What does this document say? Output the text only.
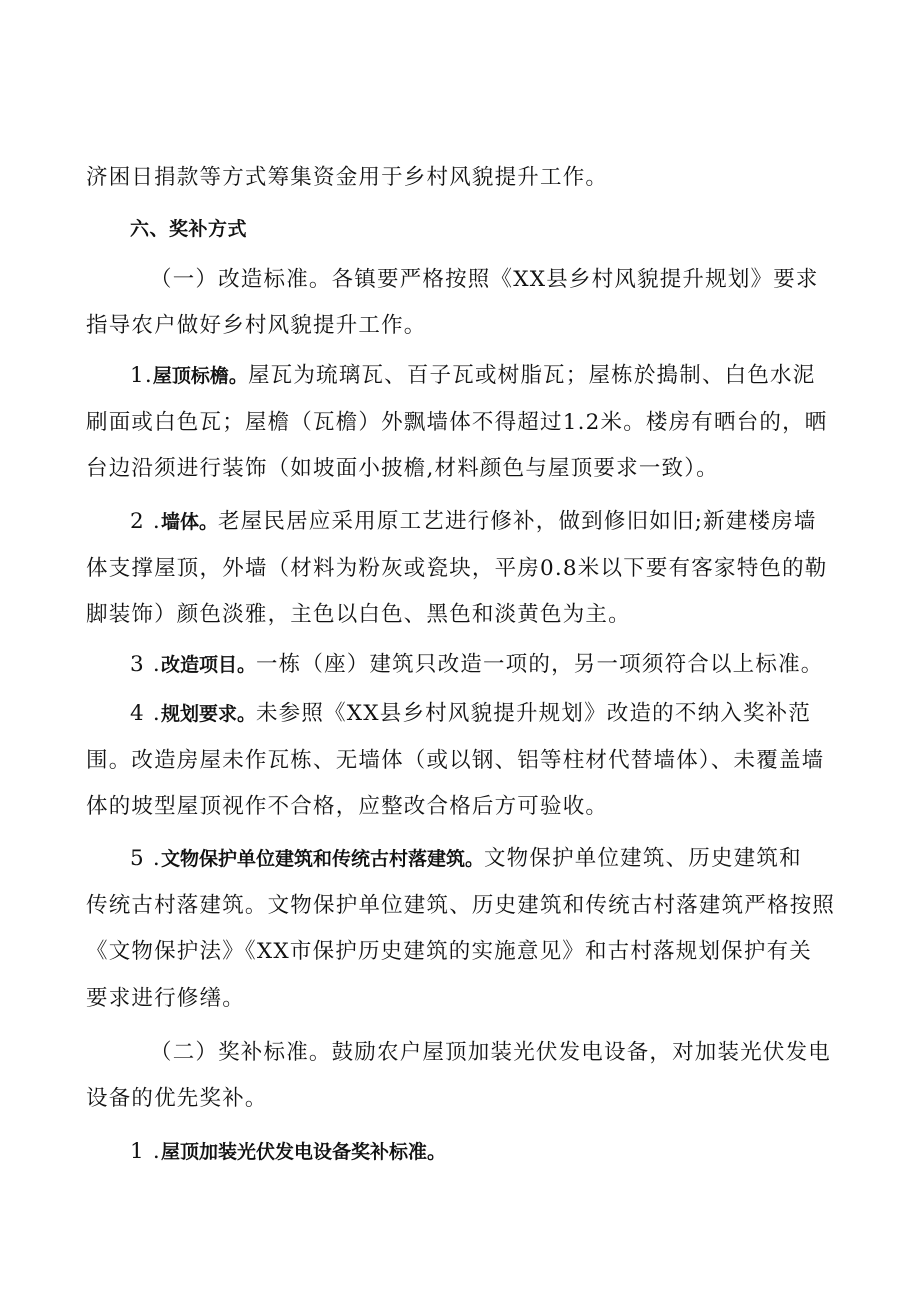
济困日捐款等方式筹集资金用于乡村风貌提升工作。
六、奖补方式
（一）改造标准。各镇要严格按照《XX县乡村风貌提升规划》要求
指导农户做好乡村风貌提升工作。
1.屋顶标檐。屋瓦为琉璃瓦、百子瓦或树脂瓦；屋栋於搗制、白色水泥
刷面或白色瓦；屋檐（瓦檐）外飘墙体不得超过1.2米。楼房有晒台的，晒
台边沿须进行装饰（如坡面小披檐,材料颜色与屋顶要求一致）。
2 .墙体。老屋民居应采用原工艺进行修补，做到修旧如旧;新建楼房墙
体支撑屋顶，外墙（材料为粉灰或瓷块，平房0.8米以下要有客家特色的勒
脚装饰）颜色淡雅，主色以白色、黑色和淡黄色为主。
3 .改造项目。一栋（座）建筑只改造一项的，另一项须符合以上标准。
4 .规划要求。未参照《XX县乡村风貌提升规划》改造的不纳入奖补范
围。改造房屋未作瓦栋、无墙体（或以钢、铝等柱材代替墙体）、未覆盖墙
体的坡型屋顶视作不合格，应整改合格后方可验收。
5 .文物保护单位建筑和传统古村落建筑。文物保护单位建筑、历史建筑和
传统古村落建筑。文物保护单位建筑、历史建筑和传统古村落建筑严格按照
《文物保护法》《XX市保护历史建筑的实施意见》和古村落规划保护有关
要求进行修缮。
（二）奖补标准。鼓励农户屋顶加装光伏发电设备，对加装光伏发电
设备的优先奖补。
1 .屋顶加装光伏发电设备奖补标准。
